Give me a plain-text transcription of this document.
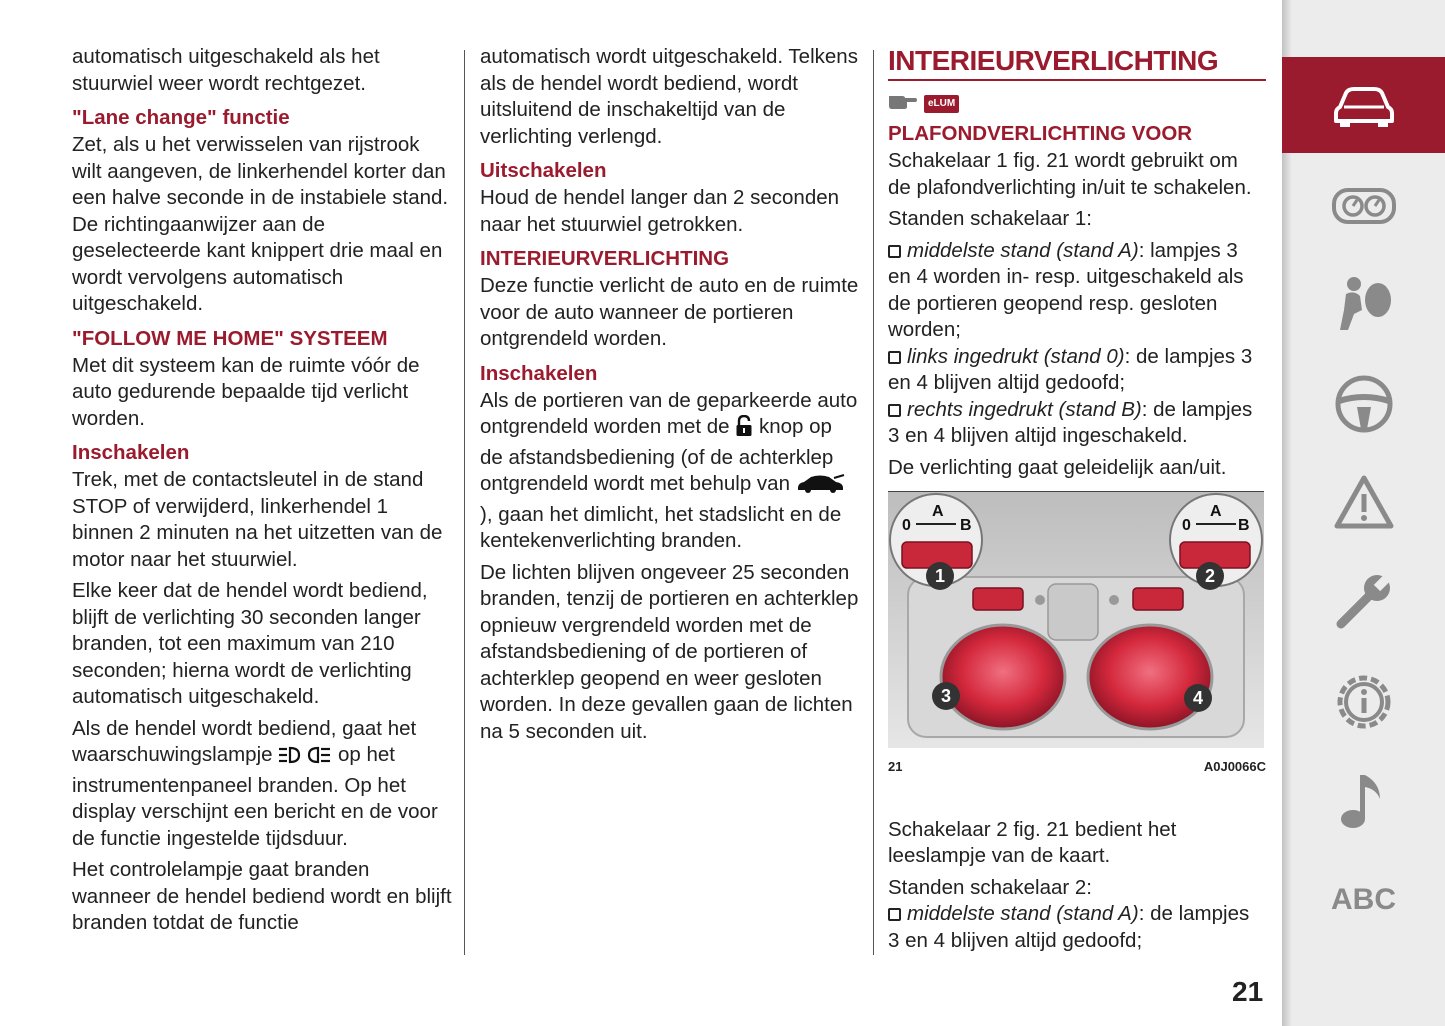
automatisch uitgeschakeld als het stuurwiel weer wordt rechtgezet.

"Lane change" functie

Zet, als u het verwisselen van rijstrook wilt aangeven, de linkerhendel korter dan een halve seconde in de instabiele stand. De richtingaanwijzer aan de geselecteerde kant knippert drie maal en wordt vervolgens automatisch uitgeschakeld.

"FOLLOW ME HOME" SYSTEEM

Met dit systeem kan de ruimte vóór de auto gedurende bepaalde tijd verlicht worden.

Inschakelen

Trek, met de contactsleutel in de stand STOP of verwijderd, linkerhendel 1 binnen 2 minuten na het uitzetten van de motor naar het stuurwiel.

Elke keer dat de hendel wordt bediend, blijft de verlichting 30 seconden langer branden, tot een maximum van 210 seconden; hierna wordt de verlichting automatisch uitgeschakeld.

Als de hendel wordt bediend, gaat het waarschuwingslampje	op het instrumentenpaneel branden. Op het display verschijnt een bericht en de voor de functie ingestelde tijdsduur.

Het controlelampje gaat branden wanneer de hendel bediend wordt en blijft branden totdat de functie

automatisch wordt uitgeschakeld. Telkens als de hendel wordt bediend, wordt uitsluitend de inschakeltijd van de verlichting verlengd.

Uitschakelen

Houd de hendel langer dan 2 seconden naar het stuurwiel getrokken.

INTERIEURVERLICHTING

Deze functie verlicht de auto en de ruimte voor de auto wanneer de portieren ontgrendeld worden.

Inschakelen

Als de portieren van de geparkeerde auto ontgrendeld worden met de knop op de afstandsbediening (of de achterklep ontgrendeld wordt met behulp van  ), gaan het dimlicht, het stadslicht en de kentekenverlichting branden.

De lichten blijven ongeveer 25 seconden branden, tenzij de portieren en achterklep opnieuw vergrendeld worden met de afstandsbediening of de portieren of achterklep geopend en weer gesloten worden. In deze gevallen gaan de lichten na 5 seconden uit.

INTERIEURVERLICHTING
eLUM
PLAFONDVERLICHTING VOOR

Schakelaar 1 fig. 21 wordt gebruikt om de plafondverlichting in/uit te schakelen.

Standen schakelaar 1:

middelste stand (stand A): lampjes 3 en 4 worden in- resp. uitgeschakeld als de portieren geopend resp. gesloten worden;

links ingedrukt (stand 0): de lampjes 3 en 4 blijven altijd gedoofd;

rechts ingedrukt (stand B): de lampjes 3 en 4 blijven altijd ingeschakeld.

De verlichting gaat geleidelijk aan/uit.

0
A
B	0
A
B
1	2
3	4
21	A0J0066C

Schakelaar 2 fig. 21 bedient het leeslampje van de kaart.

Standen schakelaar 2:

middelste stand (stand A): de lampjes 3 en 4 blijven altijd gedoofd;

21
ABC
